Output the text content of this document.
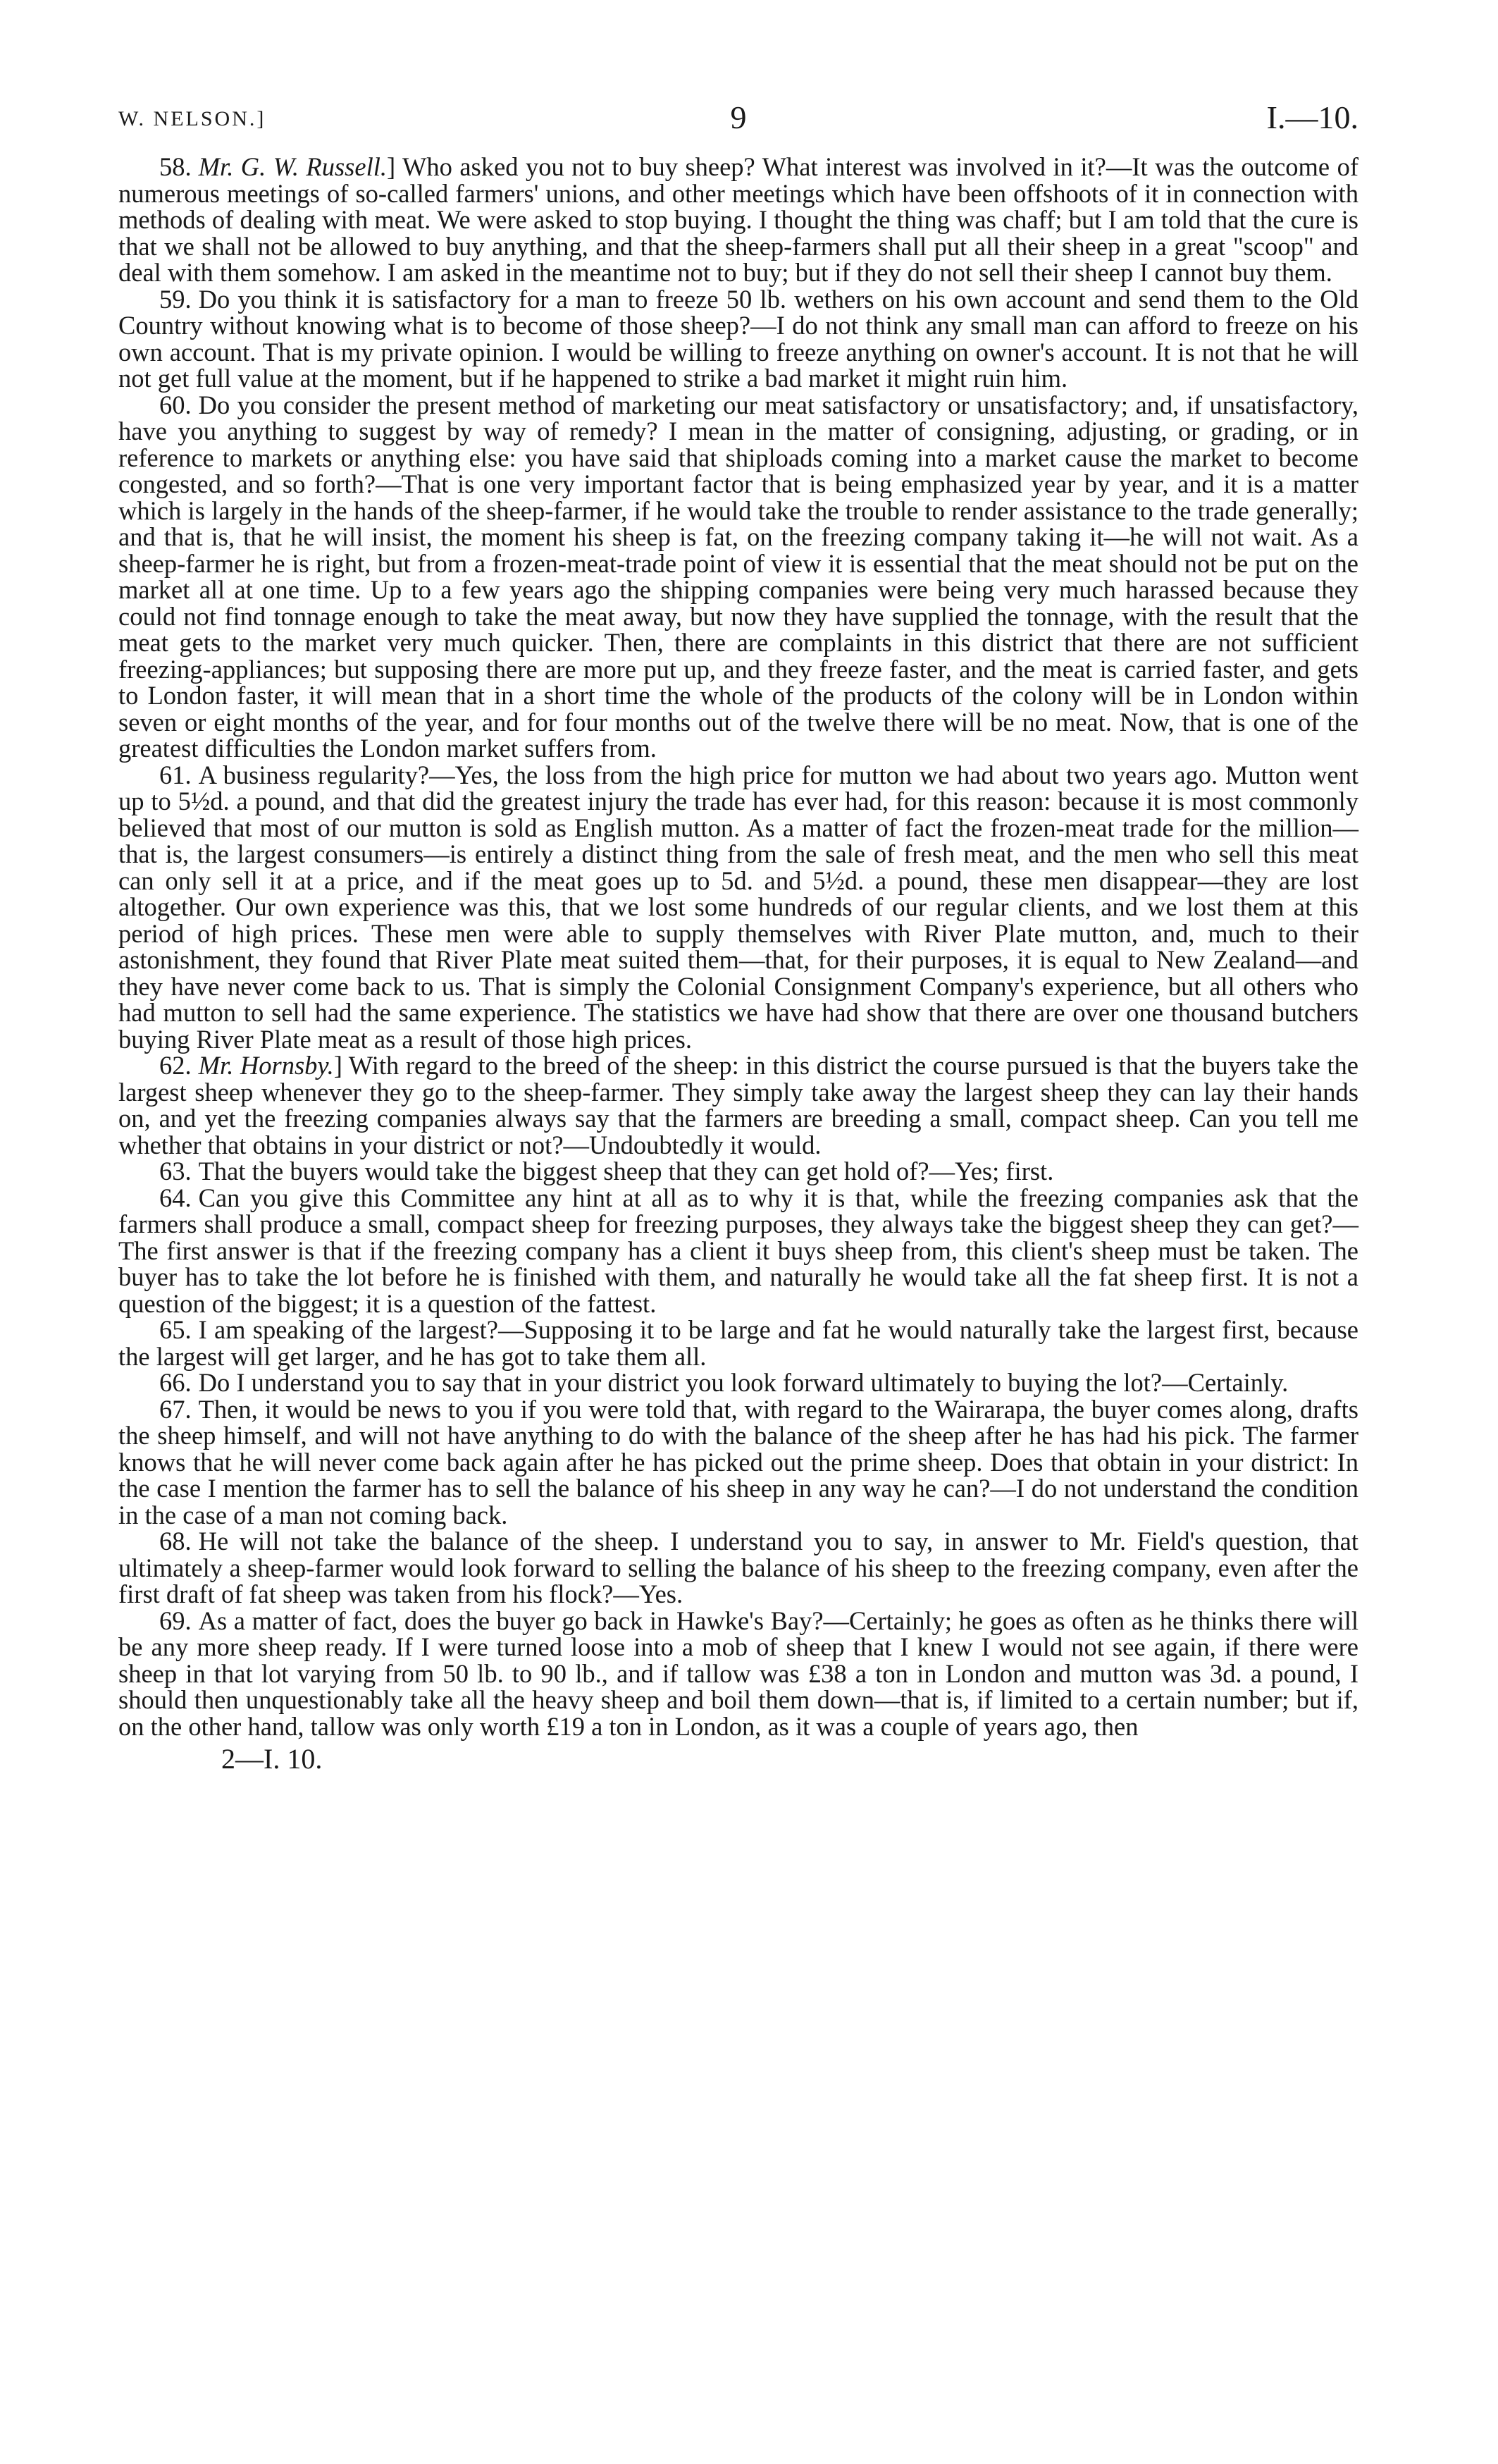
W. NELSON.]	9	I.—10.

58. Mr. G. W. Russell.] Who asked you not to buy sheep? What interest was involved in it?—It was the outcome of numerous meetings of so-called farmers' unions, and other meetings which have been offshoots of it in connection with methods of dealing with meat. We were asked to stop buying. I thought the thing was chaff; but I am told that the cure is that we shall not be allowed to buy anything, and that the sheep-farmers shall put all their sheep in a great "scoop" and deal with them somehow. I am asked in the meantime not to buy; but if they do not sell their sheep I cannot buy them.

59. Do you think it is satisfactory for a man to freeze 50 lb. wethers on his own account and send them to the Old Country without knowing what is to become of those sheep?—I do not think any small man can afford to freeze on his own account. That is my private opinion. I would be willing to freeze anything on owner's account. It is not that he will not get full value at the moment, but if he happened to strike a bad market it might ruin him.

60. Do you consider the present method of marketing our meat satisfactory or unsatisfactory; and, if unsatisfactory, have you anything to suggest by way of remedy? I mean in the matter of consigning, adjusting, or grading, or in reference to markets or anything else: you have said that shiploads coming into a market cause the market to become congested, and so forth?—That is one very important factor that is being emphasized year by year, and it is a matter which is largely in the hands of the sheep-farmer, if he would take the trouble to render assistance to the trade generally; and that is, that he will insist, the moment his sheep is fat, on the freezing company taking it—he will not wait. As a sheep-farmer he is right, but from a frozen-meat-trade point of view it is essential that the meat should not be put on the market all at one time. Up to a few years ago the shipping companies were being very much harassed because they could not find tonnage enough to take the meat away, but now they have supplied the tonnage, with the result that the meat gets to the market very much quicker. Then, there are complaints in this district that there are not sufficient freezing-appliances; but supposing there are more put up, and they freeze faster, and the meat is carried faster, and gets to London faster, it will mean that in a short time the whole of the products of the colony will be in London within seven or eight months of the year, and for four months out of the twelve there will be no meat. Now, that is one of the greatest difficulties the London market suffers from.

61. A business regularity?—Yes, the loss from the high price for mutton we had about two years ago. Mutton went up to 5½d. a pound, and that did the greatest injury the trade has ever had, for this reason: because it is most commonly believed that most of our mutton is sold as English mutton. As a matter of fact the frozen-meat trade for the million—that is, the largest consumers—is entirely a distinct thing from the sale of fresh meat, and the men who sell this meat can only sell it at a price, and if the meat goes up to 5d. and 5½d. a pound, these men disappear—they are lost altogether. Our own experience was this, that we lost some hundreds of our regular clients, and we lost them at this period of high prices. These men were able to supply themselves with River Plate mutton, and, much to their astonishment, they found that River Plate meat suited them—that, for their purposes, it is equal to New Zealand—and they have never come back to us. That is simply the Colonial Consignment Company's experience, but all others who had mutton to sell had the same experience. The statistics we have had show that there are over one thousand butchers buying River Plate meat as a result of those high prices.

62. Mr. Hornsby.] With regard to the breed of the sheep: in this district the course pursued is that the buyers take the largest sheep whenever they go to the sheep-farmer. They simply take away the largest sheep they can lay their hands on, and yet the freezing companies always say that the farmers are breeding a small, compact sheep. Can you tell me whether that obtains in your district or not?—Undoubtedly it would.

63. That the buyers would take the biggest sheep that they can get hold of?—Yes; first.

64. Can you give this Committee any hint at all as to why it is that, while the freezing companies ask that the farmers shall produce a small, compact sheep for freezing purposes, they always take the biggest sheep they can get?—The first answer is that if the freezing company has a client it buys sheep from, this client's sheep must be taken. The buyer has to take the lot before he is finished with them, and naturally he would take all the fat sheep first. It is not a question of the biggest; it is a question of the fattest.

65. I am speaking of the largest?—Supposing it to be large and fat he would naturally take the largest first, because the largest will get larger, and he has got to take them all.

66. Do I understand you to say that in your district you look forward ultimately to buying the lot?—Certainly.

67. Then, it would be news to you if you were told that, with regard to the Wairarapa, the buyer comes along, drafts the sheep himself, and will not have anything to do with the balance of the sheep after he has had his pick. The farmer knows that he will never come back again after he has picked out the prime sheep. Does that obtain in your district: In the case I mention the farmer has to sell the balance of his sheep in any way he can?—I do not understand the condition in the case of a man not coming back.

68. He will not take the balance of the sheep. I understand you to say, in answer to Mr. Field's question, that ultimately a sheep-farmer would look forward to selling the balance of his sheep to the freezing company, even after the first draft of fat sheep was taken from his flock?—Yes.

69. As a matter of fact, does the buyer go back in Hawke's Bay?—Certainly; he goes as often as he thinks there will be any more sheep ready. If I were turned loose into a mob of sheep that I knew I would not see again, if there were sheep in that lot varying from 50 lb. to 90 lb., and if tallow was £38 a ton in London and mutton was 3d. a pound, I should then unquestionably take all the heavy sheep and boil them down—that is, if limited to a certain number; but if, on the other hand, tallow was only worth £19 a ton in London, as it was a couple of years ago, then

2—I. 10.
